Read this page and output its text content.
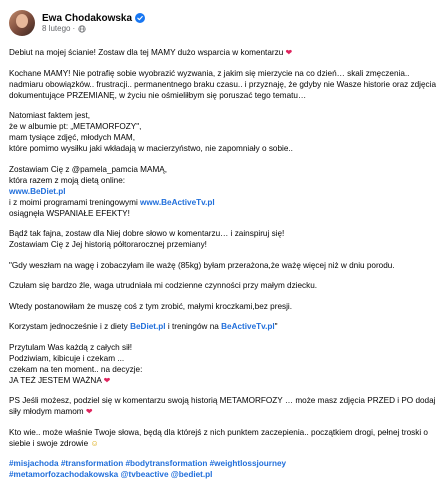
Ewa Chodakowska
8 lutego ·

Debiut na mojej ścianie! Zostaw dla tej MAMY dużo wsparcia w komentarzu ❤

Kochane MAMY! Nie potrafię sobie wyobrazić wyzwania, z jakim się mierzycie na co dzień… skali zmęczenia.. nadmiaru obowiązków.. frustracji.. permanentnego braku czasu.. i przyznaję, że gdyby nie Wasze historie oraz zdjęcia dokumentujące PRZEMIANĘ, w życiu nie ośmieliłbym się poruszać tego tematu…

Natomiast faktem jest,
że w albumie pt: „METAMORFOZY",
mam tysiące zdjęć, młodych MAM,
które pomimo wysiłku jaki wkładają w macierzyństwo, nie zapomniały o sobie..

Zostawiam Cię z @pamela_pamcia MAMĄ,
która razem z moją dietą online:
www.BeDiet.pl
i z moimi programami treningowymi www.BeActiveTv.pl
osiągnęła WSPANIAŁE EFEKTY!

Bądź tak fajna, zostaw dla Niej dobre słowo w komentarzu… i zainspiruj się!
Zostawiam Cię z Jej historią półtorarocznej przemiany!

"Gdy weszłam na wagę i zobaczyłam ile ważę (85kg) byłam przerażona,że ważę więcej niż w dniu porodu.

Czułam się bardzo źle, waga utrudniała mi codzienne czynności przy małym dziecku.

Wtedy postanowiłam że muszę coś z tym zrobić, małymi kroczkami,bez presji.

Korzystam jednocześnie i z diety BeDiet.pl i treningów na BeActiveTv.pl"

Przytulam Was każdą z całych sił!
Podziwiam, kibicuje i czekam ...
czekam na ten moment.. na decyzje:
JA TEŻ JESTEM WAŻNA ❤

PS Jeśli możesz, podziel się w komentarzu swoją historią METAMORFOZY … może masz zdjęcia PRZED i PO dodaj siły młodym mamom ❤

Kto wie.. może właśnie Twoje słowa, będą dla którejś z nich punktem zaczepienia.. początkiem drogi, pełnej troski o siebie i swoje zdrowie ☺

#misjachoda #transformation #bodytransformation #weightlossjourney
#metamorfozachodakowska @tvbeactive @bediet.pl
